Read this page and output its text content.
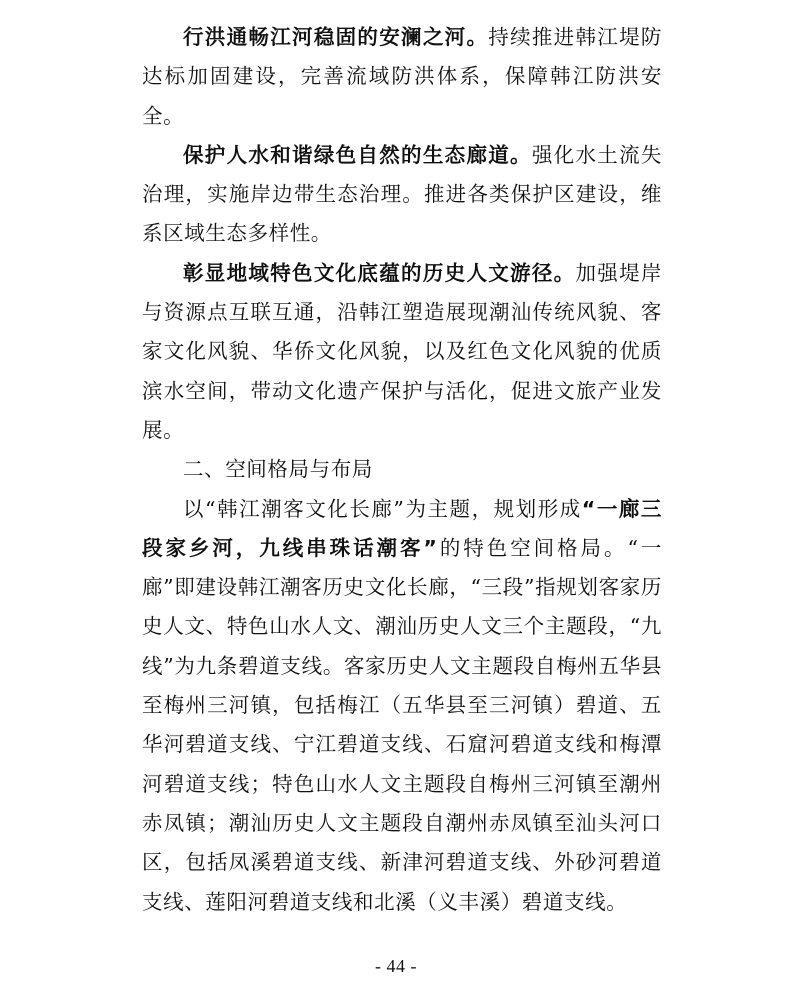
行洪通畅江河稳固的安澜之河。持续推进韩江堤防达标加固建设，完善流域防洪体系，保障韩江防洪安全。

保护人水和谐绿色自然的生态廊道。强化水土流失治理，实施岸边带生态治理。推进各类保护区建设，维系区域生态多样性。

彰显地域特色文化底蕴的历史人文游径。加强堤岸与资源点互联互通，沿韩江塑造展现潮汕传统风貌、客家文化风貌、华侨文化风貌，以及红色文化风貌的优质滨水空间，带动文化遗产保护与活化，促进文旅产业发展。

二、空间格局与布局

以“韩江潮客文化长廊”为主题，规划形成“一廊三段家乡河，九线串珠话潮客”的特色空间格局。“一廊”即建设韩江潮客历史文化长廊，“三段”指规划客家历史人文、特色山水人文、潮汕历史人文三个主题段，“九线”为九条碧道支线。客家历史人文主题段自梅州五华县至梅州三河镇，包括梅江（五华县至三河镇）碧道、五华河碧道支线、宁江碧道支线、石窟河碧道支线和梅潭河碧道支线；特色山水人文主题段自梅州三河镇至潮州赤凤镇；潮汕历史人文主题段自潮州赤凤镇至汕头河口区，包括凤溪碧道支线、新津河碧道支线、外砂河碧道支线、莲阳河碧道支线和北溪（义丰溪）碧道支线。

- 44 -
